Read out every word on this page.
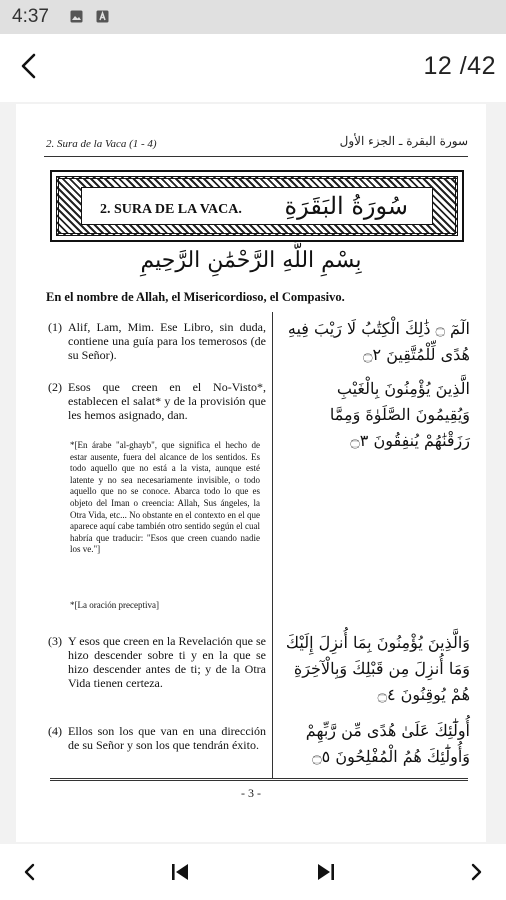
4:37
12 /42
2. Sura de la Vaca (1 - 4)	سورة البقرة ـ الجزء الأول
2. SURA DE LA VACA. سُورَةُ البَقَرَةِ
بِسْمِ اللَّهِ الرَّحْمَٰنِ الرَّحِيمِ
En el nombre de Allah, el Misericordioso, el Compasivo.
(1) Alif, Lam, Mim. Ese Libro, sin duda, contiene una guía para los temerosos (de su Señor).
(2) Esos que creen en el No-Visto*, establecen el salat* y de la provisión que les hemos asignado, dan.
*[En árabe "al-ghayb", que significa el hecho de estar ausente, fuera del alcance de los sentidos. Es todo aquello que no está a la vista, aunque esté latente y no sea necesariamente invisible, o todo aquello que no se conoce. Abarca todo lo que es objeto del Iman o creencia: Allah, Sus ángeles, la Otra Vida, etc... No obstante en el contexto en el que aparece aquí cabe también otro sentido según el cual habría que traducir: "Esos que creen cuando nadie los ve."]
*[La oración preceptiva]
(3) Y esos que creen en la Revelación que se hizo descender sobre ti y en la que se hizo descender antes de ti; y de la Otra Vida tienen certeza.
(4) Ellos son los que van en una dirección de su Señor y son los que tendrán éxito.
الٓمٓ ۝ ذَٰلِكَ الْكِتَٰبُ لَا رَيْبَ فِيهِ هُدًى لِّلْمُتَّقِينَ ۝٢
الَّذِينَ يُؤْمِنُونَ بِالْغَيْبِ وَيُقِيمُونَ الصَّلَوٰةَ وَمِمَّا رَزَقْنَٰهُمْ يُنفِقُونَ ۝٣
وَالَّذِينَ يُؤْمِنُونَ بِمَا أُنزِلَ إِلَيْكَ وَمَا أُنزِلَ مِن قَبْلِكَ وَبِالْآخِرَةِ هُمْ يُوقِنُونَ ۝٤
أُولَٰٓئِكَ عَلَىٰ هُدًى مِّن رَّبِّهِمْ وَأُولَٰٓئِكَ هُمُ الْمُفْلِحُونَ ۝٥
- 3 -
